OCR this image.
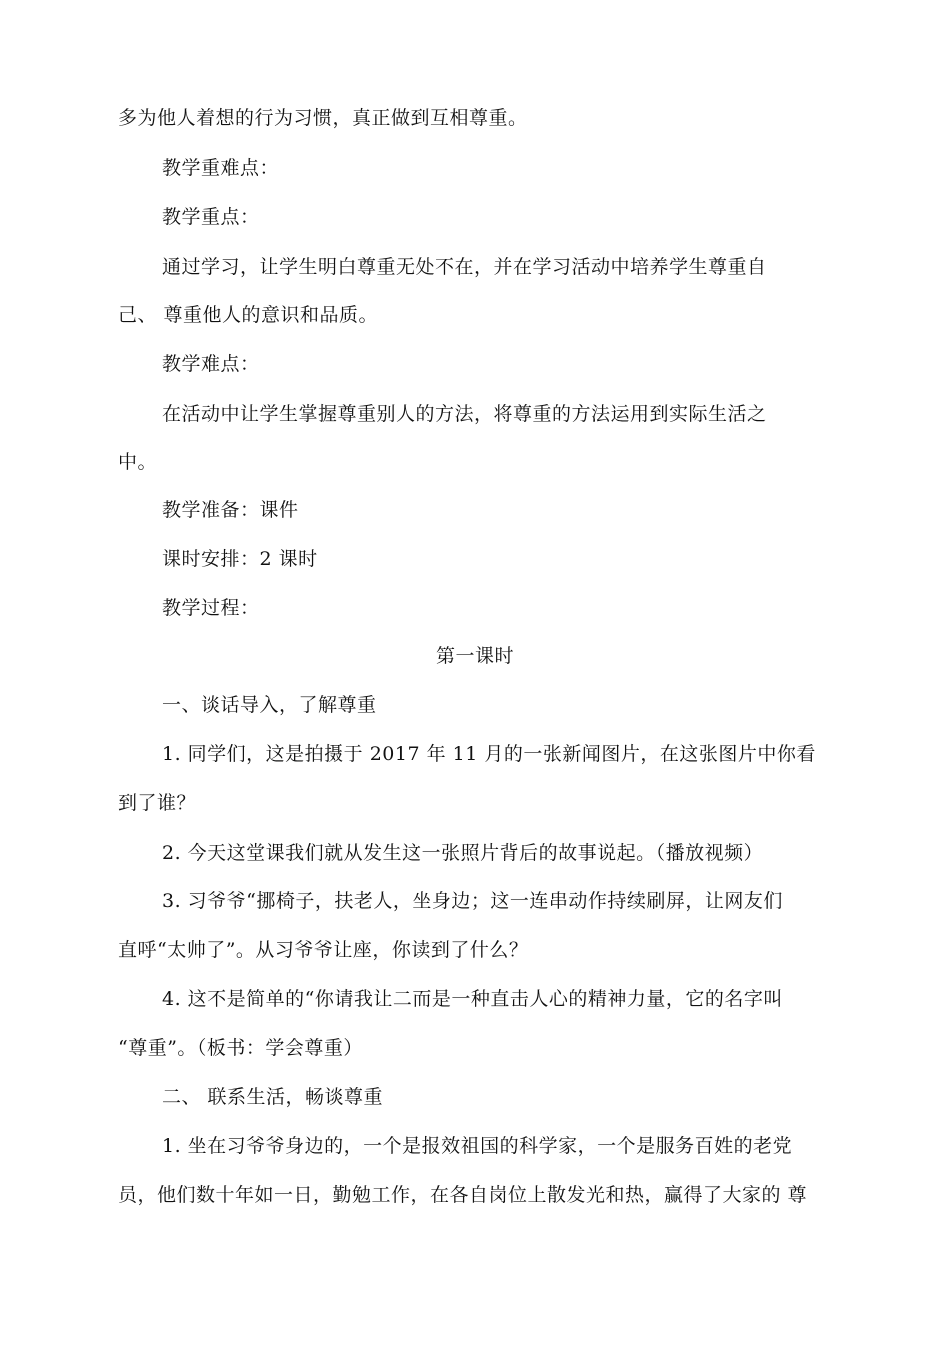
多为他人着想的行为习惯，真正做到互相尊重。
教学重难点：
教学重点：
通过学习，让学生明白尊重无处不在，并在学习活动中培养学生尊重自
己、 尊重他人的意识和品质。
教学难点：
在活动中让学生掌握尊重别人的方法，将尊重的方法运用到实际生活之
中。
教学准备：课件
课时安排：2 课时
教学过程：
第一课时
一、谈话导入，了解尊重
1. 同学们，这是拍摄于 2017 年 11 月的一张新闻图片，在这张图片中你看
到了谁？
2. 今天这堂课我们就从发生这一张照片背后的故事说起。（播放视频）
3. 习爷爷“挪椅子，扶老人，坐身边；这一连串动作持续刷屏，让网友们
直呼“太帅了”。从习爷爷让座，你读到了什么？
4. 这不是简单的“你请我让二而是一种直击人心的精神力量，它的名字叫
“尊重”。（板书：学会尊重）
二、 联系生活，畅谈尊重
1. 坐在习爷爷身边的，一个是报效祖国的科学家，一个是服务百姓的老党
员，他们数十年如一日，勤勉工作，在各自岗位上散发光和热，赢得了大家的 尊
